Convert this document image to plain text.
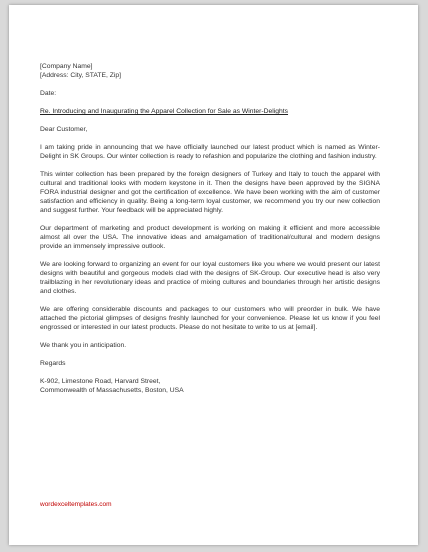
[Company Name]
[Address: City, STATE, Zip]
Date:
Re. Introducing and Inaugurating the Apparel Collection for Sale as Winter-Delights
Dear Customer,
I am taking pride in announcing that we have officially launched our latest product which is named as Winter-Delight in SK Groups. Our winter collection is ready to refashion and popularize the clothing and fashion industry.
This winter collection has been prepared by the foreign designers of Turkey and Italy to touch the apparel with cultural and traditional looks with modern keystone in it. Then the designs have been approved by the SIGNA FORA industrial designer and got the certification of excellence. We have been working with the aim of customer satisfaction and efficiency in quality. Being a long-term loyal customer, we recommend you try our new collection and suggest further. Your feedback will be appreciated highly.
Our department of marketing and product development is working on making it efficient and more accessible almost all over the USA. The innovative ideas and amalgamation of traditional/cultural and modern designs provide an immensely impressive outlook.
We are looking forward to organizing an event for our loyal customers like you where we would present our latest designs with beautiful and gorgeous models clad with the designs of SK-Group. Our executive head is also very trailblazing in her revolutionary ideas and practice of mixing cultures and boundaries through her artistic designs and clothes.
We are offering considerable discounts and packages to our customers who will preorder in bulk. We have attached the pictorial glimpses of designs freshly launched for your convenience. Please let us know if you feel engrossed or interested in our latest products. Please do not hesitate to write to us at [email].
We thank you in anticipation.
Regards
K-902, Limestone Road, Harvard Street,
Commonwealth of Massachusetts, Boston, USA
wordexceltemplates.com
